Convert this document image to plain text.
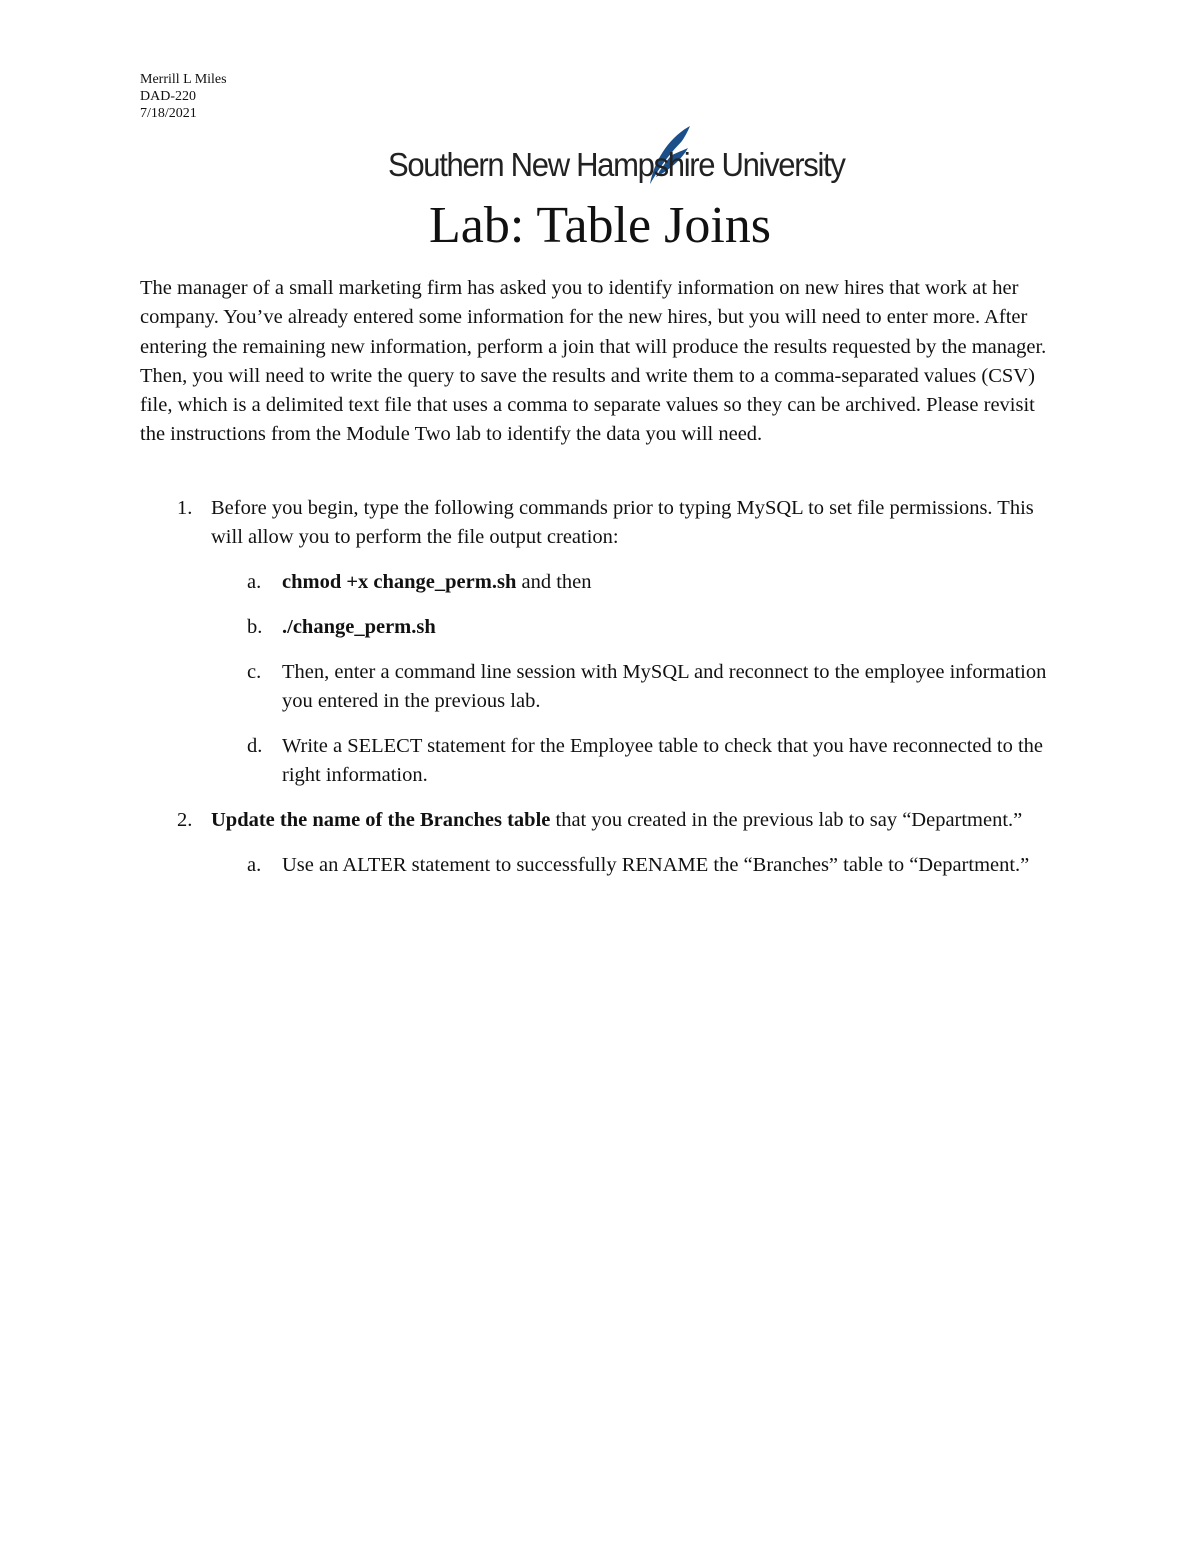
Merrill L Miles
DAD-220
7/18/2021
Southern New Hampshire University
Lab: Table Joins
The manager of a small marketing firm has asked you to identify information on new hires that work at her company. You’ve already entered some information for the new hires, but you will need to enter more. After entering the remaining new information, perform a join that will produce the results requested by the manager. Then, you will need to write the query to save the results and write them to a comma-separated values (CSV) file, which is a delimited text file that uses a comma to separate values so they can be archived. Please revisit the instructions from the Module Two lab to identify the data you will need.
1. Before you begin, type the following commands prior to typing MySQL to set file permissions. This will allow you to perform the file output creation:
a. chmod +x change_perm.sh and then
b. ./change_perm.sh
c. Then, enter a command line session with MySQL and reconnect to the employee information you entered in the previous lab.
d. Write a SELECT statement for the Employee table to check that you have reconnected to the right information.
2. Update the name of the Branches table that you created in the previous lab to say “Department.”
a. Use an ALTER statement to successfully RENAME the “Branches” table to “Department.”
